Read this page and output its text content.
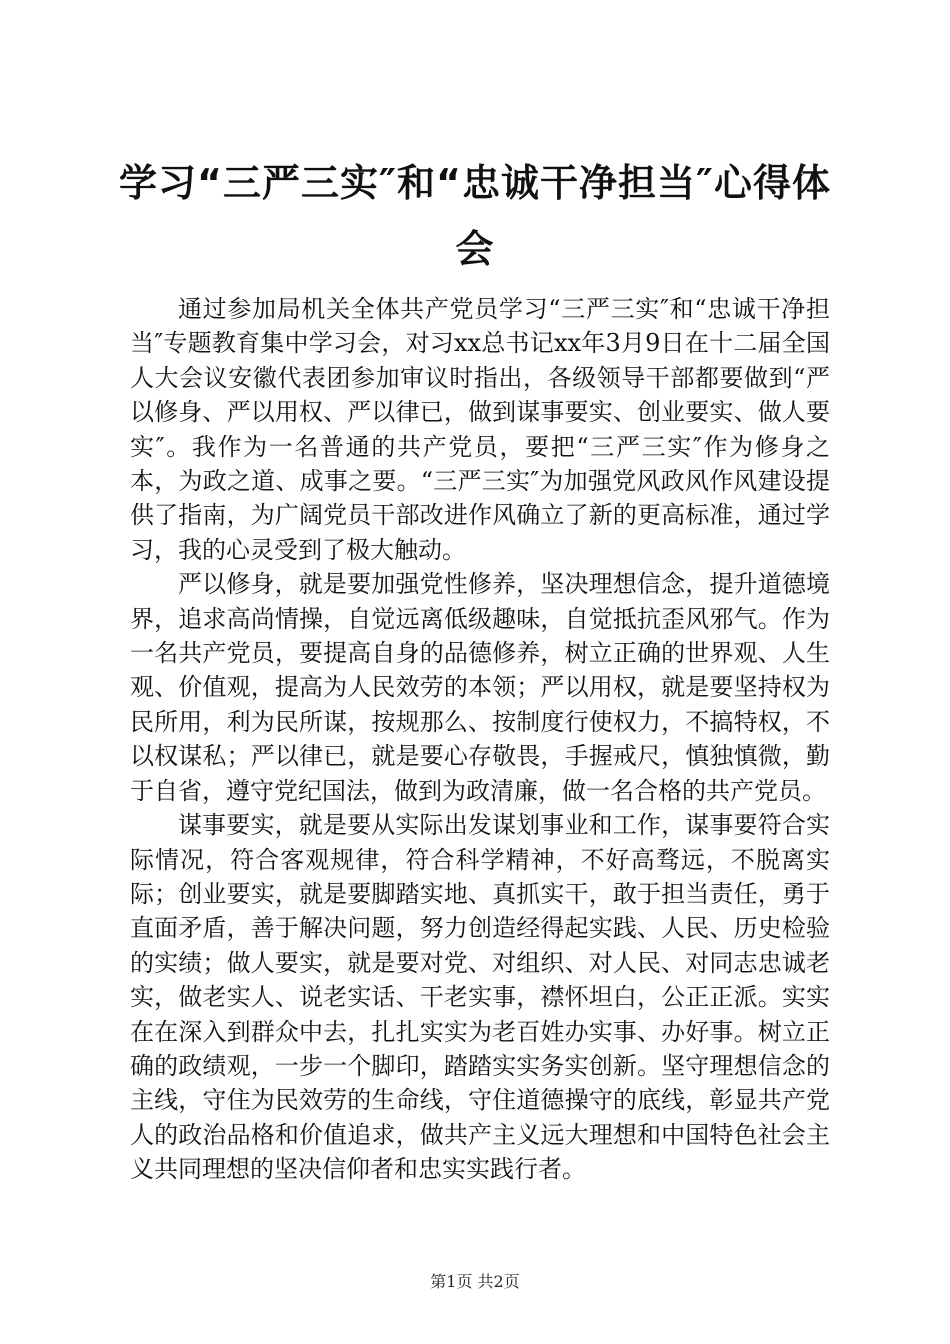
学习“三严三实″和“忠诚干净担当″心得体会

通过参加局机关全体共产党员学习“三严三实″和“忠诚干净担当″专题教育集中学习会，对习xx总书记xx年3月9日在十二届全国人大会议安徽代表团参加审议时指出，各级领导干部都要做到“严以修身、严以用权、严以律已，做到谋事要实、创业要实、做人要实″。我作为一名普通的共产党员，要把“三严三实″作为修身之本，为政之道、成事之要。“三严三实″为加强党风政风作风建设提供了指南，为广阔党员干部改进作风确立了新的更高标准，通过学习，我的心灵受到了极大触动。

严以修身，就是要加强党性修养，坚决理想信念，提升道德境界，追求高尚情操，自觉远离低级趣味，自觉抵抗歪风邪气。作为一名共产党员，要提高自身的品德修养，树立正确的世界观、人生观、价值观，提高为人民效劳的本领；严以用权，就是要坚持权为民所用，利为民所谋，按规那么、按制度行使权力，不搞特权，不以权谋私；严以律已，就是要心存敬畏，手握戒尺，慎独慎微，勤于自省，遵守党纪国法，做到为政清廉，做一名合格的共产党员。

谋事要实，就是要从实际出发谋划事业和工作，谋事要符合实际情况，符合客观规律，符合科学精神，不好高骛远，不脱离实际；创业要实，就是要脚踏实地、真抓实干，敢于担当责任，勇于直面矛盾，善于解决问题，努力创造经得起实践、人民、历史检验的实绩；做人要实，就是要对党、对组织、对人民、对同志忠诚老实，做老实人、说老实话、干老实事，襟怀坦白，公正正派。实实在在深入到群众中去，扎扎实实为老百姓办实事、办好事。树立正确的政绩观，一步一个脚印，踏踏实实务实创新。坚守理想信念的主线，守住为民效劳的生命线，守住道德操守的底线，彰显共产党人的政治品格和价值追求，做共产主义远大理想和中国特色社会主义共同理想的坚决信仰者和忠实实践行者。

第1页 共2页
